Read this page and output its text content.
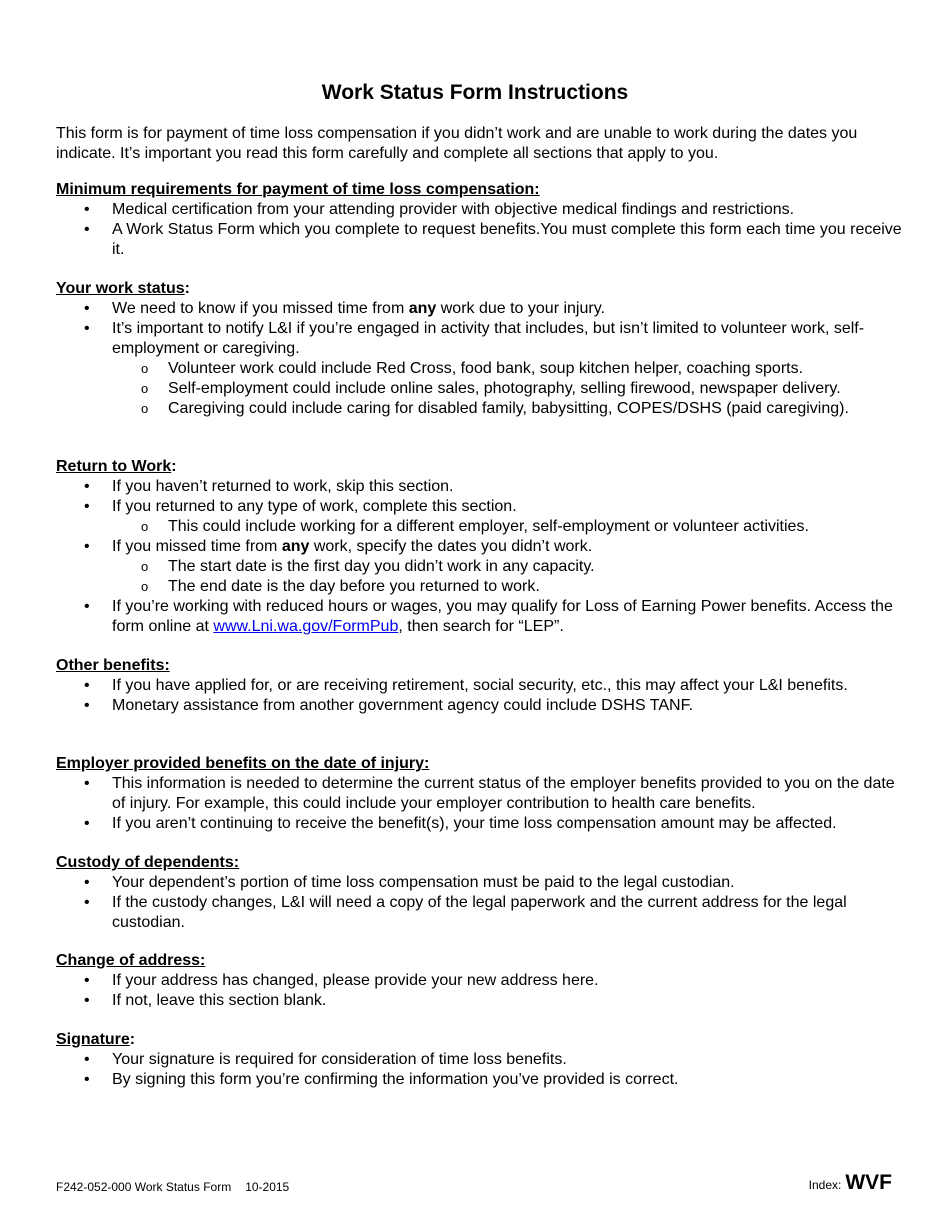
Work Status Form Instructions

This form is for payment of time loss compensation if you didn’t work and are unable to work during the dates you indicate. It’s important you read this form carefully and complete all sections that apply to you.

Minimum requirements for payment of time loss compensation:

• Medical certification from your attending provider with objective medical findings and restrictions.
• A Work Status Form which you complete to request benefits.You must complete this form each time you receive it.

Your work status:

• We need to know if you missed time from any work due to your injury.
• It’s important to notify L&I if you’re engaged in activity that includes, but isn’t limited to volunteer work, self-employment or caregiving.
o Volunteer work could include Red Cross, food bank, soup kitchen helper, coaching sports.
o Self-employment could include online sales, photography, selling firewood, newspaper delivery.
o Caregiving could include caring for disabled family, babysitting, COPES/DSHS (paid caregiving).

Return to Work:

• If you haven’t returned to work, skip this section.
• If you returned to any type of work, complete this section.
o This could include working for a different employer, self-employment or volunteer activities.
• If you missed time from any work, specify the dates you didn’t work.
o The start date is the first day you didn’t work in any capacity.
o The end date is the day before you returned to work.
• If you’re working with reduced hours or wages, you may qualify for Loss of Earning Power benefits. Access the form online at www.Lni.wa.gov/FormPub, then search for “LEP”.

Other benefits:

• If you have applied for, or are receiving retirement, social security, etc., this may affect your L&I benefits.
• Monetary assistance from another government agency could include DSHS TANF.

Employer provided benefits on the date of injury:

• This information is needed to determine the current status of the employer benefits provided to you on the date of injury. For example, this could include your employer contribution to health care benefits.
• If you aren’t continuing to receive the benefit(s), your time loss compensation amount may be affected.

Custody of dependents:

• Your dependent’s portion of time loss compensation must be paid to the legal custodian.
• If the custody changes, L&I will need a copy of the legal paperwork and the current address for the legal custodian.

Change of address:

• If your address has changed, please provide your new address here.
• If not, leave this section blank.

Signature:

• Your signature is required for consideration of time loss benefits.
• By signing this form you’re confirming the information you’ve provided is correct.
F242-052-000 Work Status Form 10-2015	Index: WVF
